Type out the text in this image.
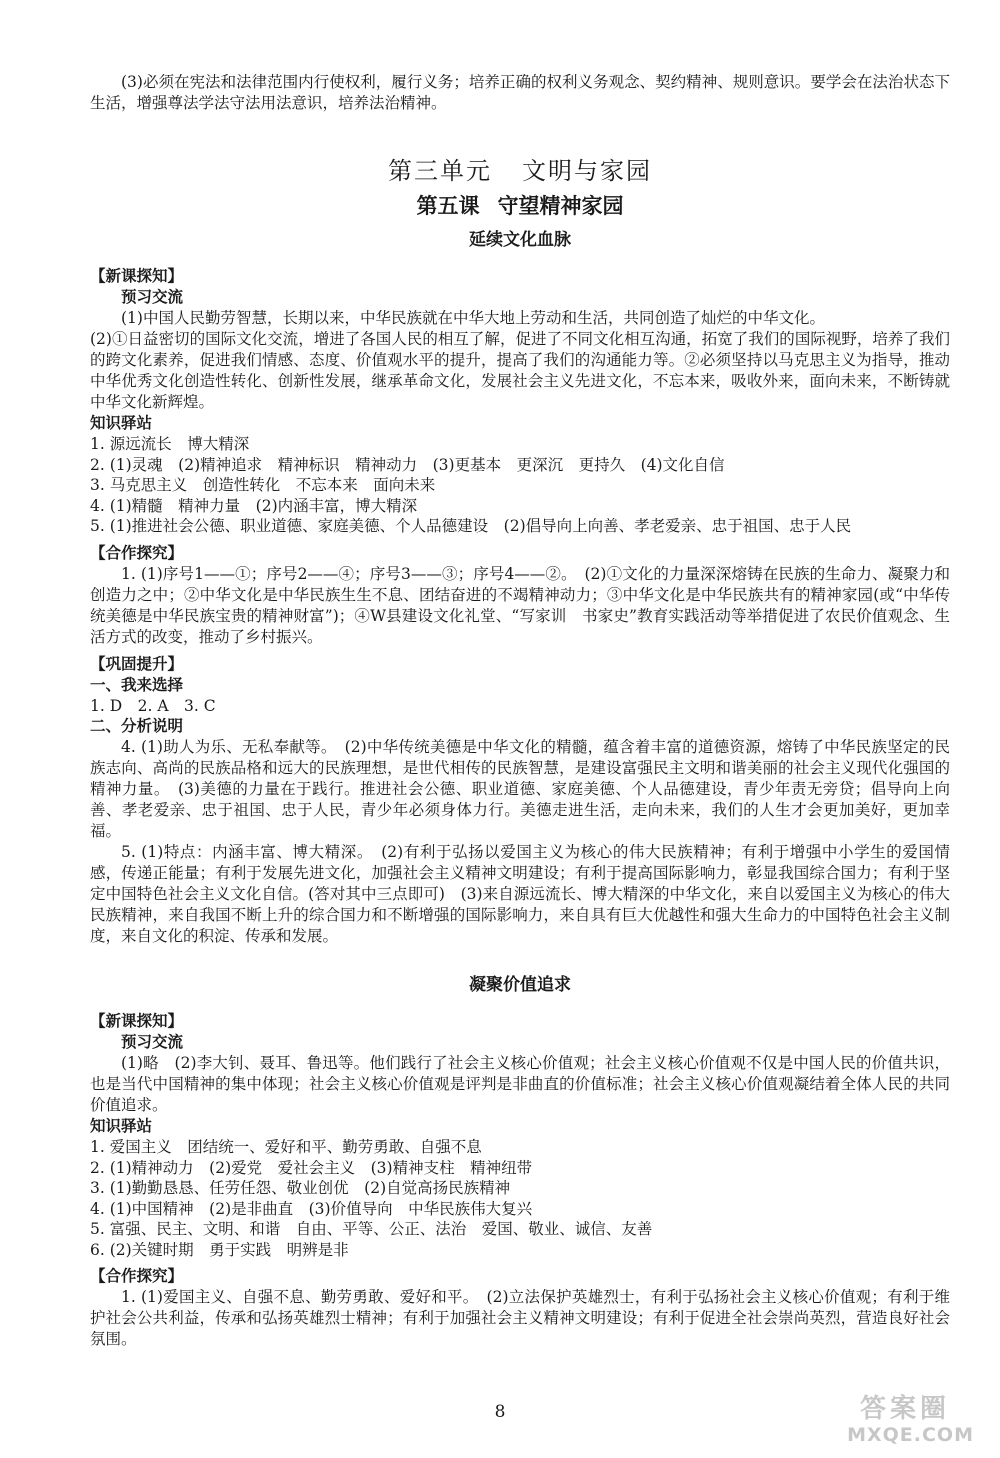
(3)必须在宪法和法律范围内行使权利，履行义务；培养正确的权利义务观念、契约精神、规则意识。要学会在法治状态下生活，增强尊法学法守法用法意识，培养法治精神。

第三单元 文明与家园
第五课 守望精神家园
延续文化血脉

【新课探知】

预习交流

(1)中国人民勤劳智慧，长期以来，中华民族就在中华大地上劳动和生活，共同创造了灿烂的中华文化。

(2)①日益密切的国际文化交流，增进了各国人民的相互了解，促进了不同文化相互沟通，拓宽了我们的国际视野，培养了我们的跨文化素养，促进我们情感、态度、价值观水平的提升，提高了我们的沟通能力等。②必须坚持以马克思主义为指导，推动中华优秀文化创造性转化、创新性发展，继承革命文化，发展社会主义先进文化，不忘本来，吸收外来，面向未来，不断铸就中华文化新辉煌。

知识驿站

1. 源远流长　博大精深

2. (1)灵魂　(2)精神追求　精神标识　精神动力　(3)更基本　更深沉　更持久　(4)文化自信

3. 马克思主义　创造性转化　不忘本来　面向未来

4. (1)精髓　精神力量　(2)内涵丰富，博大精深

5. (1)推进社会公德、职业道德、家庭美德、个人品德建设　(2)倡导向上向善、孝老爱亲、忠于祖国、忠于人民

【合作探究】

1. (1)序号1——①；序号2——④；序号3——③；序号4——②。　(2)①文化的力量深深熔铸在民族的生命力、凝聚力和创造力之中；②中华文化是中华民族生生不息、团结奋进的不竭精神动力；③中华文化是中华民族共有的精神家园(或“中华传统美德是中华民族宝贵的精神财富”)；④W县建设文化礼堂、“写家训　书家史”教育实践活动等举措促进了农民价值观念、生活方式的改变，推动了乡村振兴。

【巩固提升】

一、我来选择

1. D　2. A　3. C

二、分析说明

4. (1)助人为乐、无私奉献等。　(2)中华传统美德是中华文化的精髓，蕴含着丰富的道德资源，熔铸了中华民族坚定的民族志向、高尚的民族品格和远大的民族理想，是世代相传的民族智慧，是建设富强民主文明和谐美丽的社会主义现代化强国的精神力量。　(3)美德的力量在于践行。推进社会公德、职业道德、家庭美德、个人品德建设，青少年责无旁贷；倡导向上向善、孝老爱亲、忠于祖国、忠于人民，青少年必须身体力行。美德走进生活，走向未来，我们的人生才会更加美好，更加幸福。

5. (1)特点：内涵丰富、博大精深。　(2)有利于弘扬以爱国主义为核心的伟大民族精神；有利于增强中小学生的爱国情感，传递正能量；有利于发展先进文化，加强社会主义精神文明建设；有利于提高国际影响力，彰显我国综合国力；有利于坚定中国特色社会主义文化自信。(答对其中三点即可)　(3)来自源远流长、博大精深的中华文化，来自以爱国主义为核心的伟大民族精神，来自我国不断上升的综合国力和不断增强的国际影响力，来自具有巨大优越性和强大生命力的中国特色社会主义制度，来自文化的积淀、传承和发展。

凝聚价值追求

【新课探知】

预习交流

(1)略　(2)李大钊、聂耳、鲁迅等。他们践行了社会主义核心价值观；社会主义核心价值观不仅是中国人民的价值共识，也是当代中国精神的集中体现；社会主义核心价值观是评判是非曲直的价值标准；社会主义核心价值观凝结着全体人民的共同价值追求。

知识驿站

1. 爱国主义　团结统一、爱好和平、勤劳勇敢、自强不息

2. (1)精神动力　(2)爱党　爱社会主义　(3)精神支柱　精神纽带

3. (1)勤勤恳恳、任劳任怨、敬业创优　(2)自觉高扬民族精神

4. (1)中国精神　(2)是非曲直　(3)价值导向　中华民族伟大复兴

5. 富强、民主、文明、和谐　自由、平等、公正、法治　爱国、敬业、诚信、友善

6. (2)关键时期　勇于实践　明辨是非

【合作探究】

1. (1)爱国主义、自强不息、勤劳勇敢、爱好和平。　(2)立法保护英雄烈士，有利于弘扬社会主义核心价值观；有利于维护社会公共利益，传承和弘扬英雄烈士精神；有利于加强社会主义精神文明建设；有利于促进全社会崇尚英烈，营造良好社会氛围。

8	答案圈
MXQE.COM
